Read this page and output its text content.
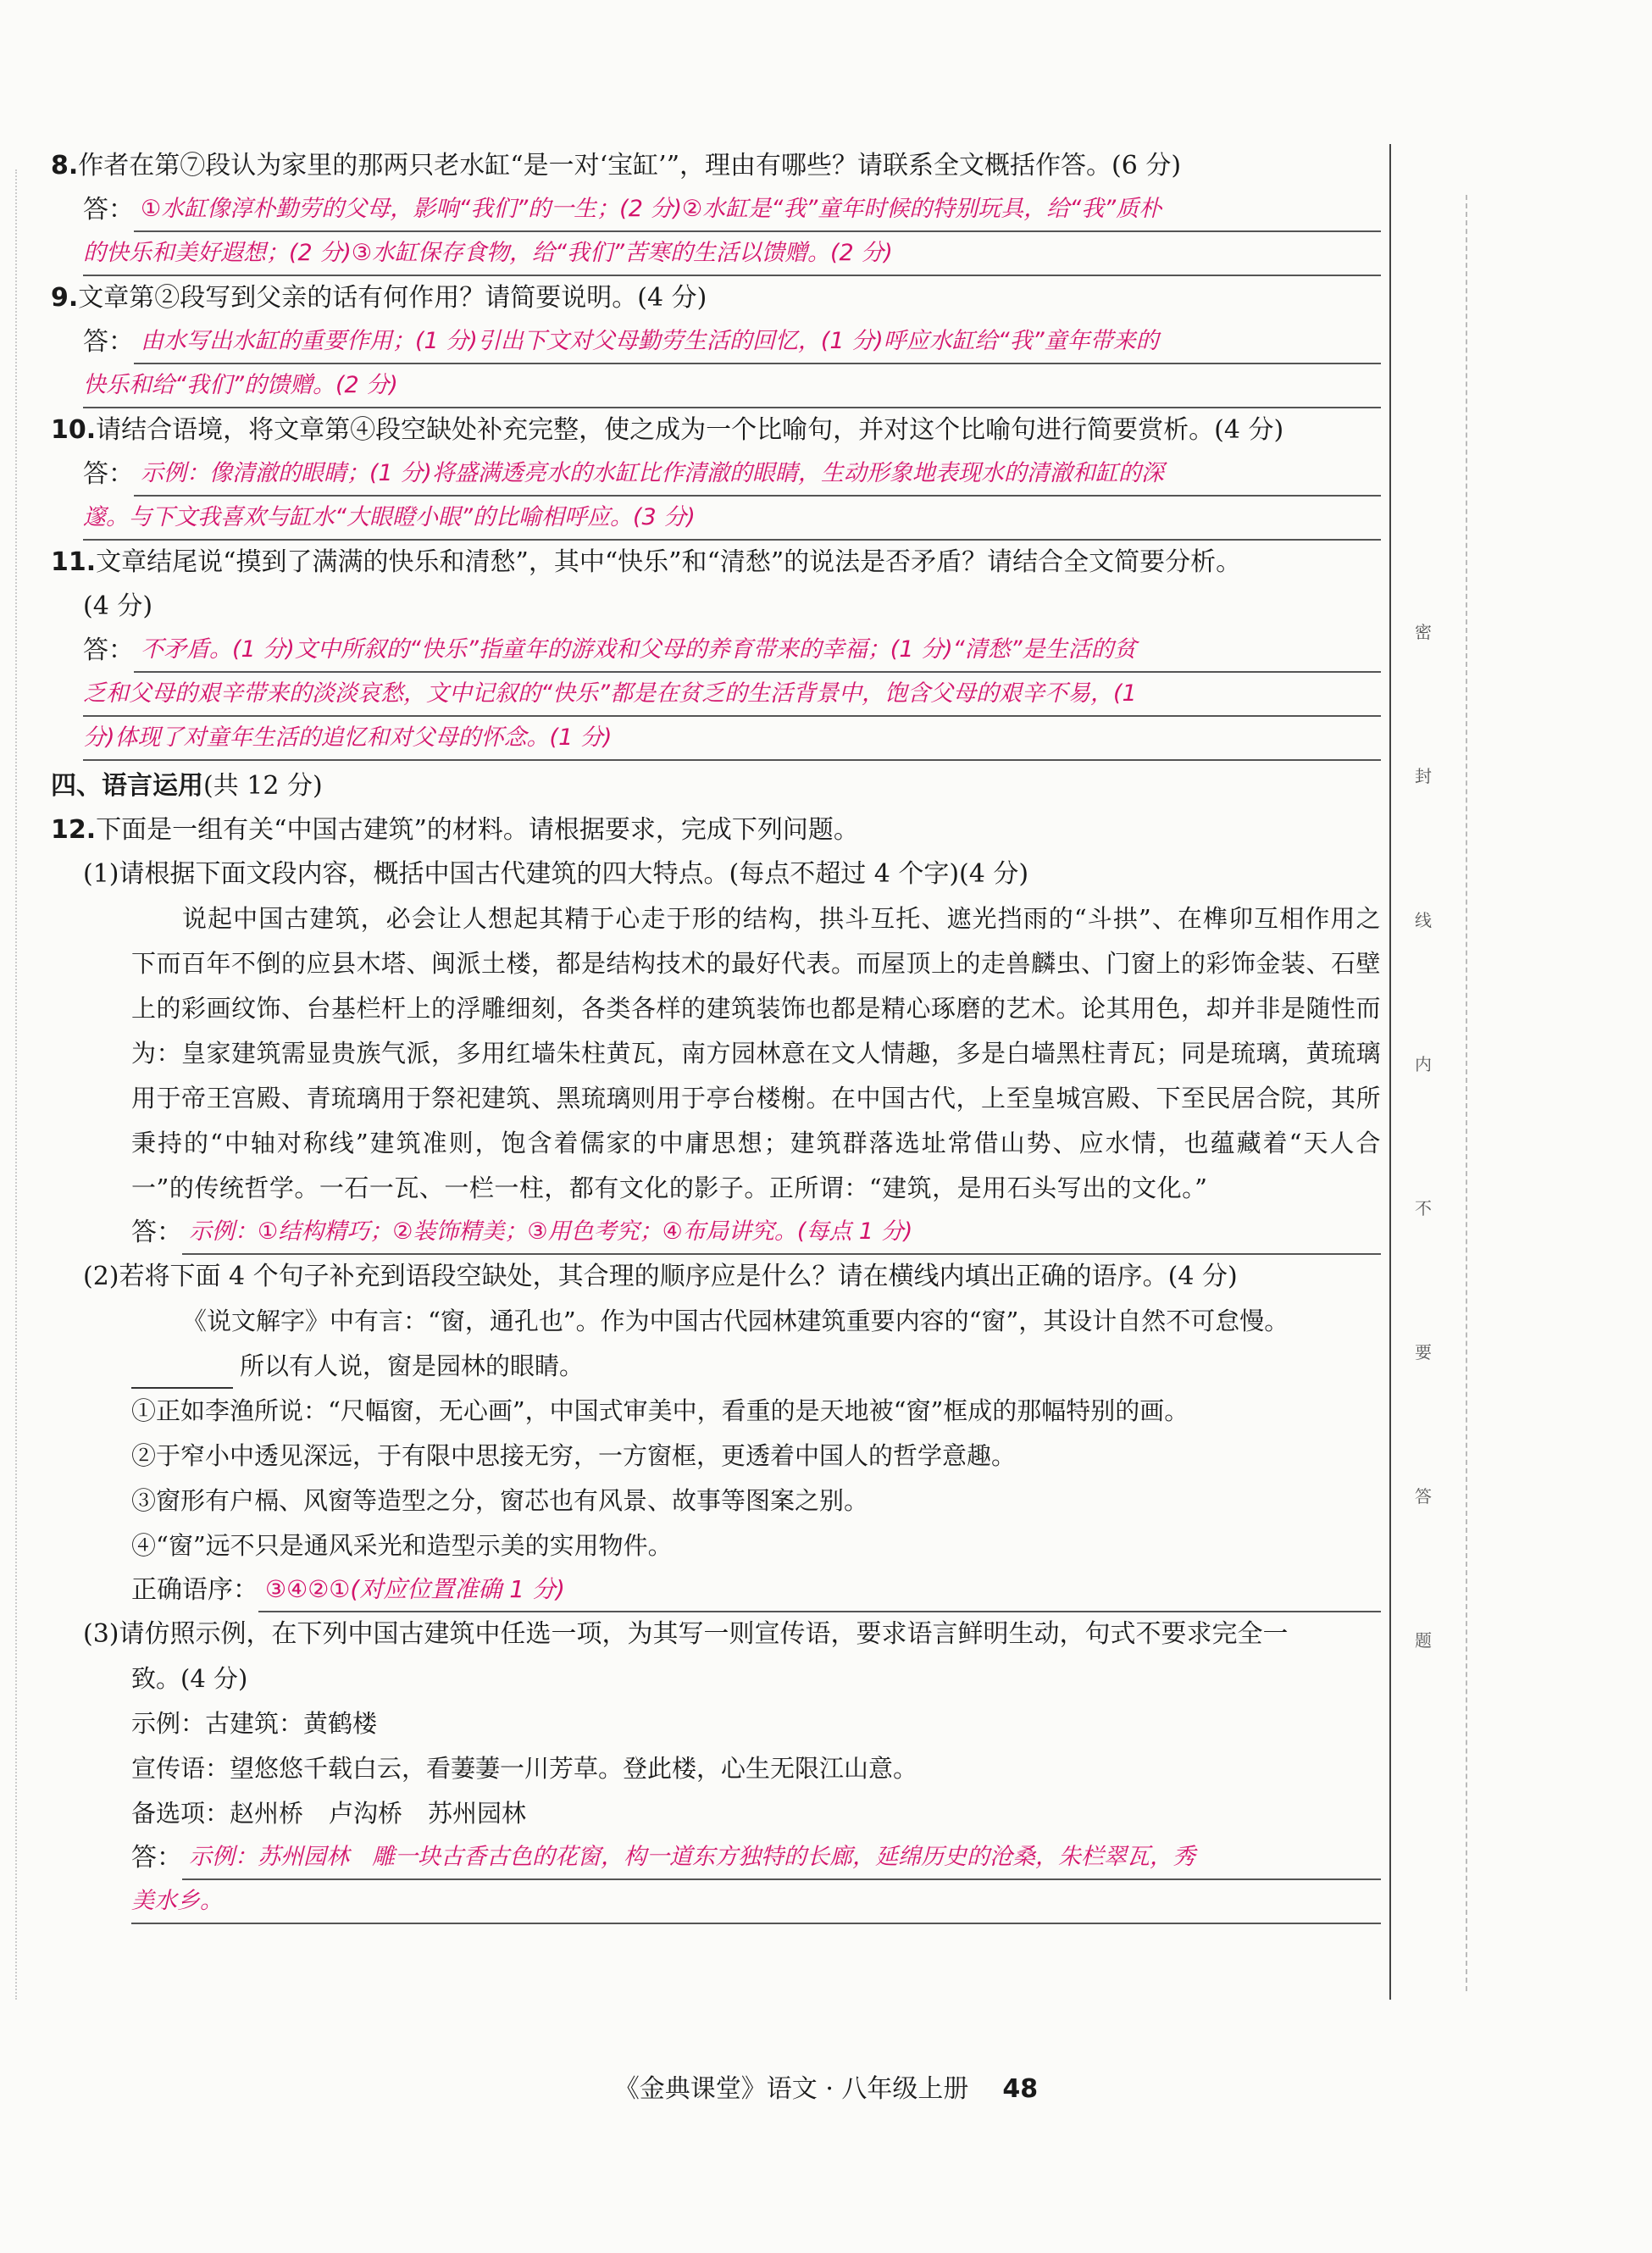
8.作者在第⑦段认为家里的那两只老水缸“是一对‘宝缸’”，理由有哪些？请联系全文概括作答。(6 分)

答： ①水缸像淳朴勤劳的父母，影响“我们”的一生；(2 分)②水缸是“我”童年时候的特别玩具，给“我”质朴
的快乐和美好遐想；(2 分)③水缸保存食物，给“我们”苦寒的生活以馈赠。(2 分)

9.文章第②段写到父亲的话有何作用？请简要说明。(4 分)

答： 由水写出水缸的重要作用；(1 分)引出下文对父母勤劳生活的回忆，(1 分)呼应水缸给“我”童年带来的
快乐和给“我们”的馈赠。(2 分)

10.请结合语境，将文章第④段空缺处补充完整，使之成为一个比喻句，并对这个比喻句进行简要赏析。(4 分)

答： 示例：像清澈的眼睛；(1 分)将盛满透亮水的水缸比作清澈的眼睛，生动形象地表现水的清澈和缸的深
邃。与下文我喜欢与缸水“大眼瞪小眼”的比喻相呼应。(3 分)

11.文章结尾说“摸到了满满的快乐和清愁”，其中“快乐”和“清愁”的说法是否矛盾？请结合全文简要分析。

(4 分)

答： 不矛盾。(1 分)文中所叙的“快乐”指童年的游戏和父母的养育带来的幸福；(1 分)“清愁”是生活的贫
乏和父母的艰辛带来的淡淡哀愁，文中记叙的“快乐”都是在贫乏的生活背景中，饱含父母的艰辛不易，(1
分)体现了对童年生活的追忆和对父母的怀念。(1 分)
四、语言运用(共 12 分)

12.下面是一组有关“中国古建筑”的材料。请根据要求，完成下列问题。

(1)请根据下面文段内容，概括中国古代建筑的四大特点。(每点不超过 4 个字)(4 分)
说起中国古建筑，必会让人想起其精于心走于形的结构，拱斗互托、遮光挡雨的“斗拱”、在榫卯互相作用之下而百年不倒的应县木塔、闽派土楼，都是结构技术的最好代表。而屋顶上的走兽麟虫、门窗上的彩饰金装、石壁上的彩画纹饰、台基栏杆上的浮雕细刻，各类各样的建筑装饰也都是精心琢磨的艺术。论其用色，却并非是随性而为：皇家建筑需显贵族气派，多用红墙朱柱黄瓦，南方园林意在文人情趣，多是白墙黑柱青瓦；同是琉璃，黄琉璃用于帝王宫殿、青琉璃用于祭祀建筑、黑琉璃则用于亭台楼榭。在中国古代，上至皇城宫殿、下至民居合院，其所秉持的“中轴对称线”建筑准则，饱含着儒家的中庸思想；建筑群落选址常借山势、应水情，也蕴藏着“天人合一”的传统哲学。一石一瓦、一栏一柱，都有文化的影子。正所谓：“建筑，是用石头写出的文化。”
答： 示例：①结构精巧；②装饰精美；③用色考究；④布局讲究。(每点 1 分)
(2)若将下面 4 个句子补充到语段空缺处，其合理的顺序应是什么？请在横线内填出正确的语序。(4 分)
《说文解字》中有言：“窗，通孔也”。作为中国古代园林建筑重要内容的“窗”，其设计自然不可怠慢。
所以有人说，窗是园林的眼睛。
①正如李渔所说：“尺幅窗，无心画”，中国式审美中，看重的是天地被“窗”框成的那幅特别的画。
②于窄小中透见深远，于有限中思接无穷，一方窗框，更透着中国人的哲学意趣。
③窗形有户槅、风窗等造型之分，窗芯也有风景、故事等图案之别。
④“窗”远不只是通风采光和造型示美的实用物件。
正确语序： ③④②①(对应位置准确 1 分)
(3)请仿照示例，在下列中国古建筑中任选一项，为其写一则宣传语，要求语言鲜明生动，句式不要求完全一
致。(4 分)
示例：古建筑：黄鹤楼
宣传语：望悠悠千载白云，看萋萋一川芳草。登此楼，心生无限江山意。
备选项：赵州桥 卢沟桥 苏州园林
答： 示例：苏州园林　雕一块古香古色的花窗，构一道东方独特的长廊，延绵历史的沧桑，朱栏翠瓦，秀
美水乡。
密
封
线
内
不
要
答
题
《金典课堂》语文 · 八年级上册 48
